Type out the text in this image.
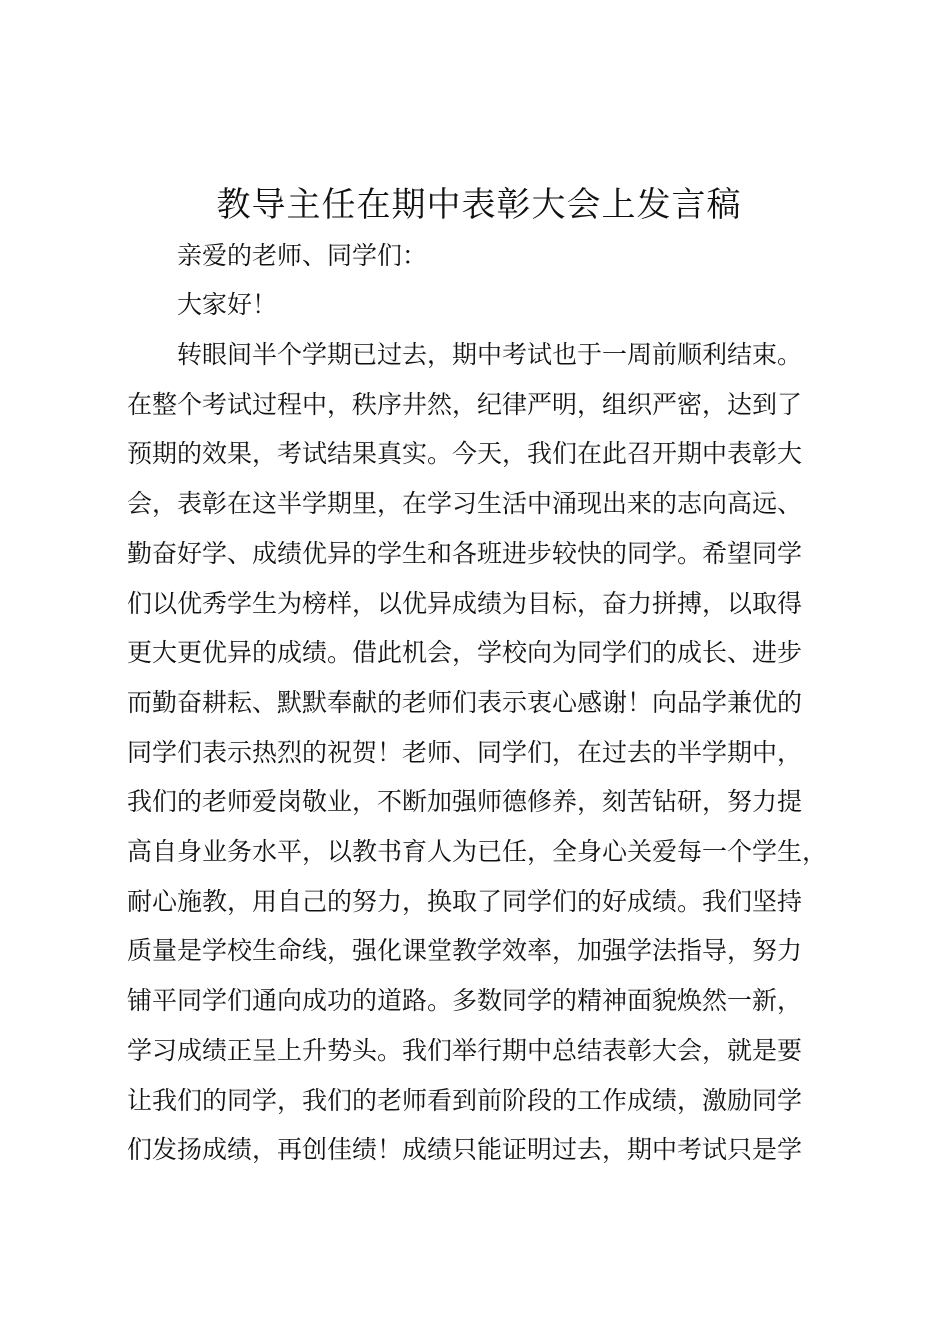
教导主任在期中表彰大会上发言稿

亲爱的老师、同学们：

大家好！

转眼间半个学期已过去，期中考试也于一周前顺利结束。

在整个考试过程中，秩序井然，纪律严明，组织严密，达到了

预期的效果，考试结果真实。今天，我们在此召开期中表彰大

会，表彰在这半学期里，在学习生活中涌现出来的志向高远、

勤奋好学、成绩优异的学生和各班进步较快的同学。希望同学

们以优秀学生为榜样，以优异成绩为目标，奋力拼搏，以取得

更大更优异的成绩。借此机会，学校向为同学们的成长、进步

而勤奋耕耘、默默奉献的老师们表示衷心感谢！向品学兼优的

同学们表示热烈的祝贺！老师、同学们，在过去的半学期中，

我们的老师爱岗敬业，不断加强师德修养，刻苦钻研，努力提

高自身业务水平，以教书育人为已任，全身心关爱每一个学生，

耐心施教，用自己的努力，换取了同学们的好成绩。我们坚持

质量是学校生命线，强化课堂教学效率，加强学法指导，努力

铺平同学们通向成功的道路。多数同学的精神面貌焕然一新，

学习成绩正呈上升势头。我们举行期中总结表彰大会，就是要

让我们的同学，我们的老师看到前阶段的工作成绩，激励同学

们发扬成绩，再创佳绩！成绩只能证明过去，期中考试只是学
